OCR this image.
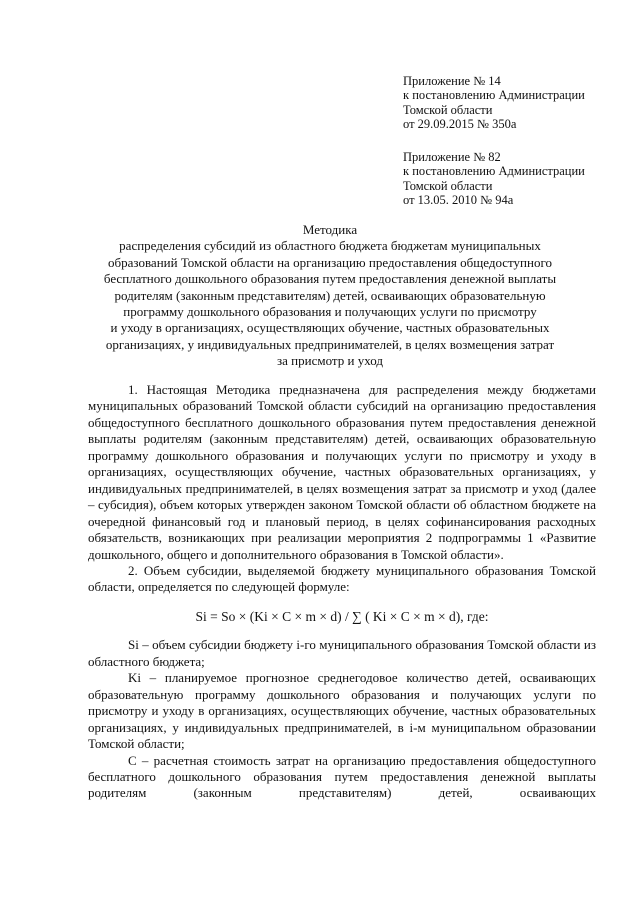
Приложение № 14
к постановлению Администрации
Томской области
от 29.09.2015 № 350а
Приложение № 82
к постановлению Администрации
Томской области
от 13.05. 2010 № 94а
Методика
распределения субсидий из областного бюджета бюджетам муниципальных
образований Томской области на организацию предоставления общедоступного
бесплатного дошкольного образования путем предоставления денежной выплаты
родителям (законным представителям) детей, осваивающих образовательную
программу дошкольного образования и получающих услуги по присмотру
и уходу в организациях, осуществляющих обучение, частных образовательных
организациях, у индивидуальных предпринимателей, в целях возмещения затрат
за присмотр и уход

1. Настоящая Методика предназначена для распределения между бюджетами муниципальных образований Томской области субсидий на организацию предоставления общедоступного бесплатного дошкольного образования путем предоставления денежной выплаты родителям (законным представителям) детей, осваивающих образовательную программу дошкольного образования и получающих услуги по присмотру и уходу в организациях, осуществляющих обучение, частных образовательных организациях, у индивидуальных предпринимателей, в целях возмещения затрат за присмотр и уход (далее – субсидия), объем которых утвержден законом Томской области об областном бюджете на очередной финансовый год и плановый период, в целях софинансирования расходных обязательств, возникающих при реализации мероприятия 2 подпрограммы 1 «Развитие дошкольного, общего и дополнительного образования в Томской области».

2. Объем субсидии, выделяемой бюджету муниципального образования Томской области, определяется по следующей формуле:

Si = So × (Ki × C × m × d) / ∑ ( Ki × C × m × d), где:

Si – объем субсидии бюджету i-го муниципального образования Томской области из областного бюджета;

Ki – планируемое прогнозное среднегодовое количество детей, осваивающих образовательную программу дошкольного образования и получающих услуги по присмотру и уходу в организациях, осуществляющих обучение, частных образовательных организациях, у индивидуальных предпринимателей, в i-м муниципальном образовании Томской области;

С – расчетная стоимость затрат на организацию предоставления общедоступного бесплатного дошкольного образования путем предоставления денежной выплаты родителям (законным представителям) детей, осваивающих
